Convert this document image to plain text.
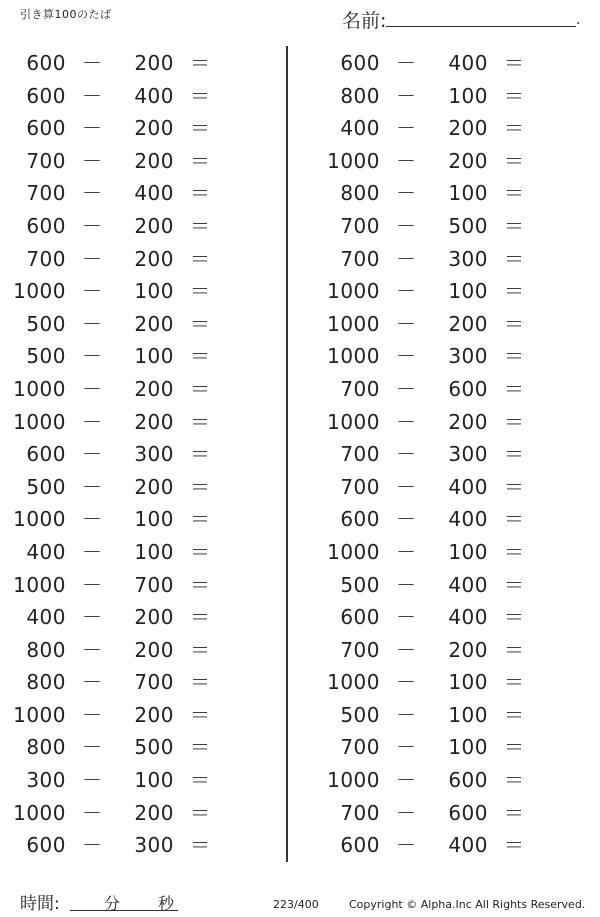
引き算100のたば	名前:	.
600 －	200 ＝
600 －	400 ＝
600 －	200 ＝
700 －	200 ＝
700 －	400 ＝
600 －	200 ＝
700 －	200 ＝
1000 －	100 ＝
500 －	200 ＝
500 －	100 ＝
1000 －	200 ＝
1000 －	200 ＝
600 －	300 ＝
500 －	200 ＝
1000 －	100 ＝
400 －	100 ＝
1000 －	700 ＝
400 －	200 ＝
800 －	200 ＝
800 －	700 ＝
1000 －	200 ＝
800 －	500 ＝
300 －	100 ＝
1000 －	200 ＝
600 －	300 ＝
600 －	400 ＝
800 －	100 ＝
400 －	200 ＝
1000 －	200 ＝
800 －	100 ＝
700 －	500 ＝
700 －	300 ＝
1000 －	100 ＝
1000 －	200 ＝
1000 －	300 ＝
700 －	600 ＝
1000 －	200 ＝
700 －	300 ＝
700 －	400 ＝
600 －	400 ＝
1000 －	100 ＝
500 －	400 ＝
600 －	400 ＝
700 －	200 ＝
1000 －	100 ＝
500 －	100 ＝
700 －	100 ＝
1000 －	600 ＝
700 －	600 ＝
600 －	400 ＝
時間:	分 秒	223/400	Copyright © Alpha.Inc All Rights Reserved.
